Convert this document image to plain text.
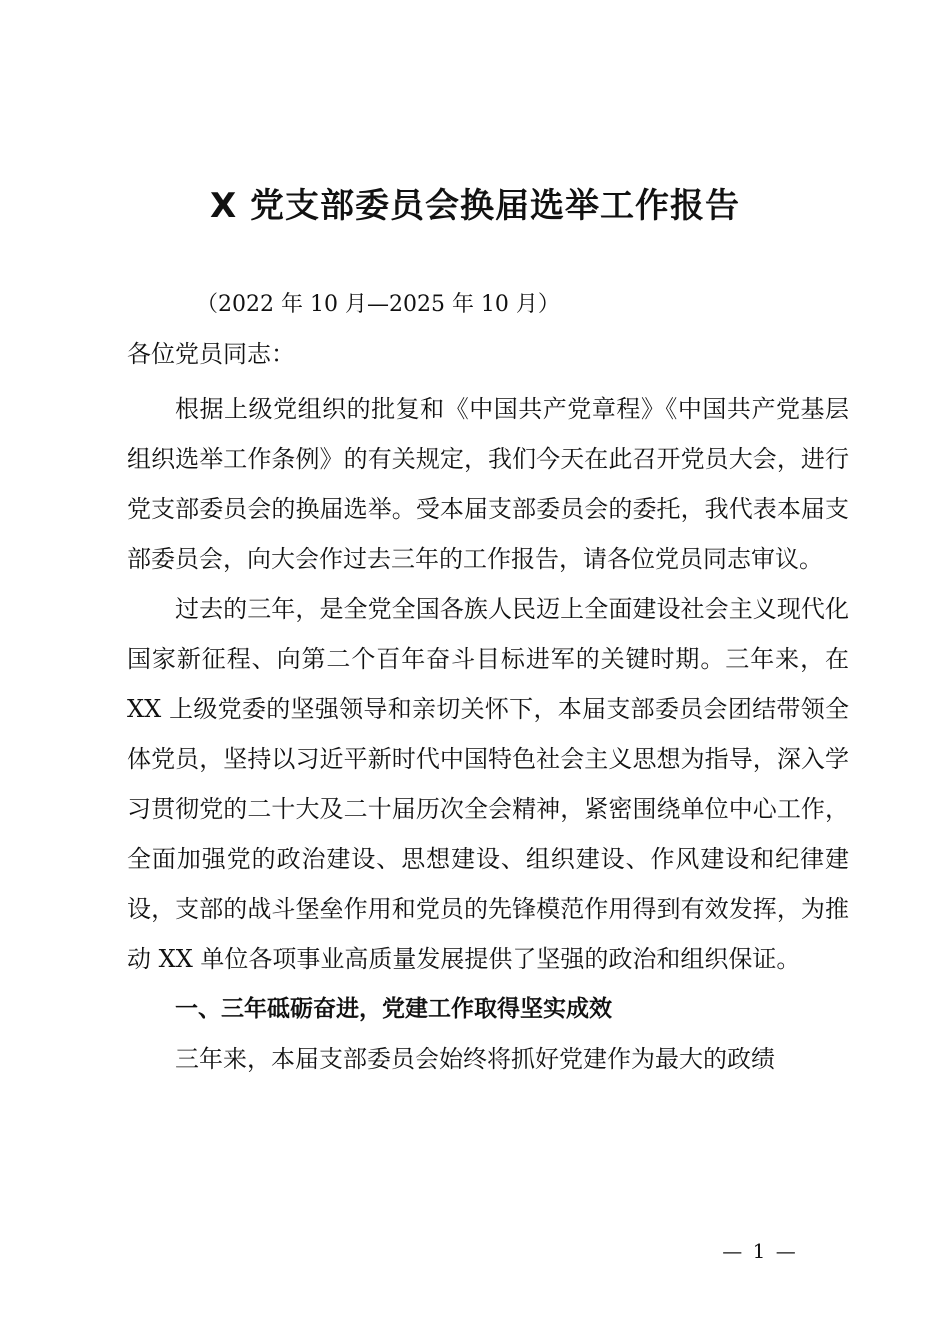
X 党支部委员会换届选举工作报告
（2022 年 10 月—2025 年 10 月）
各位党员同志：

根据上级党组织的批复和《中国共产党章程》《中国共产党基层组织选举工作条例》的有关规定，我们今天在此召开党员大会，进行党支部委员会的换届选举。受本届支部委员会的委托，我代表本届支部委员会，向大会作过去三年的工作报告，请各位党员同志审议。

过去的三年，是全党全国各族人民迈上全面建设社会主义现代化国家新征程、向第二个百年奋斗目标进军的关键时期。三年来，在 XX 上级党委的坚强领导和亲切关怀下，本届支部委员会团结带领全体党员，坚持以习近平新时代中国特色社会主义思想为指导，深入学习贯彻党的二十大及二十届历次全会精神，紧密围绕单位中心工作，全面加强党的政治建设、思想建设、组织建设、作风建设和纪律建设，支部的战斗堡垒作用和党员的先锋模范作用得到有效发挥，为推动 XX 单位各项事业高质量发展提供了坚强的政治和组织保证。

一、三年砥砺奋进，党建工作取得坚实成效

三年来，本届支部委员会始终将抓好党建作为最大的政绩

— 1 —
